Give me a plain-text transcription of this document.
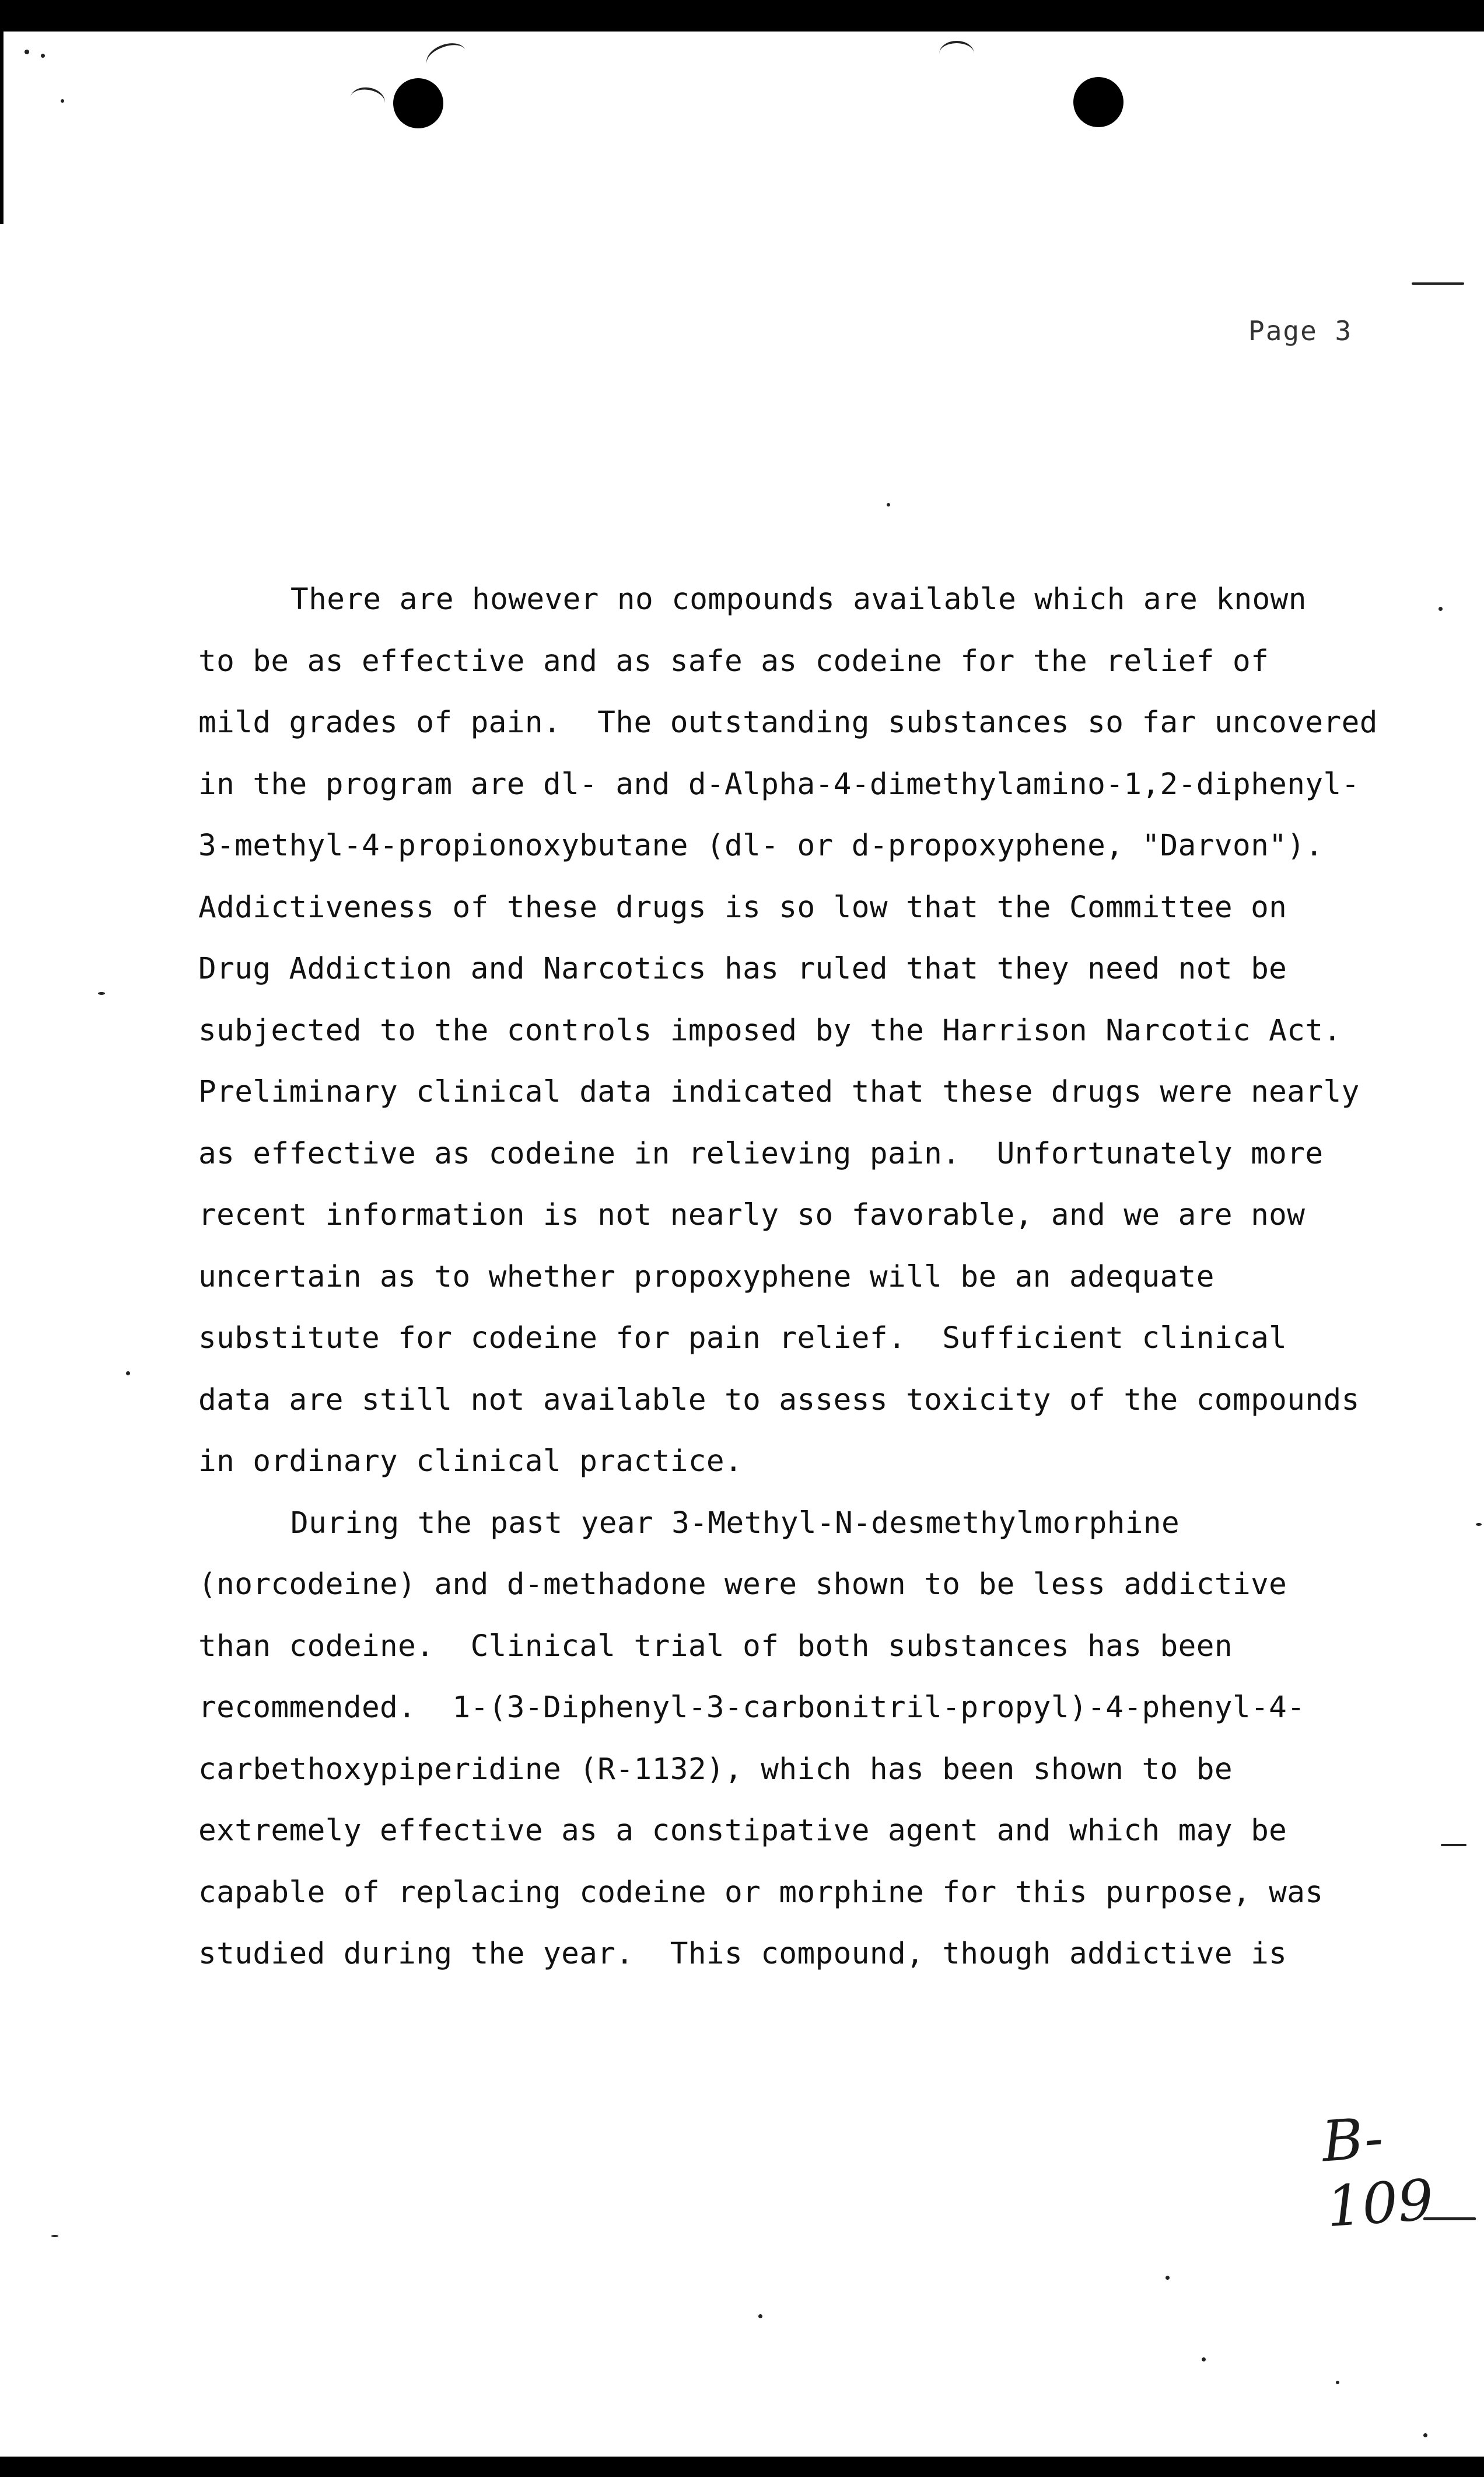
Page 3
There are however no compounds available which are known
to be as effective and as safe as codeine for the relief of
mild grades of pain.  The outstanding substances so far uncovered
in the program are dl- and d-Alpha-4-dimethylamino-1,2-diphenyl-
3-methyl-4-propionoxybutane (dl- or d-propoxyphene, "Darvon").
Addictiveness of these drugs is so low that the Committee on
Drug Addiction and Narcotics has ruled that they need not be
subjected to the controls imposed by the Harrison Narcotic Act.
Preliminary clinical data indicated that these drugs were nearly
as effective as codeine in relieving pain.  Unfortunately more
recent information is not nearly so favorable, and we are now
uncertain as to whether propoxyphene will be an adequate
substitute for codeine for pain relief.  Sufficient clinical
data are still not available to assess toxicity of the compounds
in ordinary clinical practice.
During the past year 3-Methyl-N-desmethylmorphine
(norcodeine) and d-methadone were shown to be less addictive
than codeine.  Clinical trial of both substances has been
recommended.  1-(3-Diphenyl-3-carbonitril-propyl)-4-phenyl-4-
carbethoxypiperidine (R-1132), which has been shown to be
extremely effective as a constipative agent and which may be
capable of replacing codeine or morphine for this purpose, was
studied during the year.  This compound, though addictive is
B-109
